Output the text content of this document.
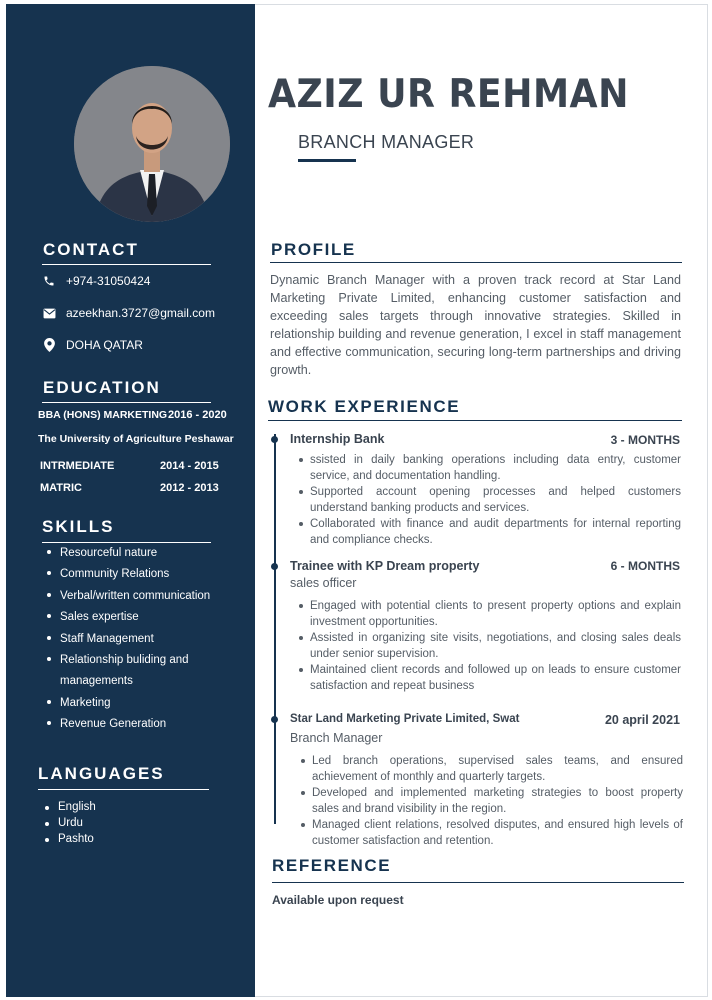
CONTACT
+974-31050424
azeekhan.3727@gmail.com
DOHA QATAR
EDUCATION
BBA (HONS) MARKETING 2016 - 2020
The University of Agriculture Peshawar
INTRMEDIATE	2014 - 2015
MATRIC	2012 - 2013
SKILLS
Resourceful nature
Community Relations
Verbal/written communication
Sales expertise
Staff Management
Relationship buliding and managements
Marketing
Revenue Generation
LANGUAGES
English
Urdu
Pashto
AZIZ UR REHMAN
BRANCH MANAGER
PROFILE
Dynamic Branch Manager with a proven track record at Star Land Marketing Private Limited, enhancing customer satisfaction and exceeding sales targets through innovative strategies. Skilled in relationship building and revenue generation, I excel in staff management and effective communication, securing long-term partnerships and driving growth.
WORK EXPERIENCE
Internship Bank	3 - MONTHS
ssisted in daily banking operations including data entry, customer service, and documentation handling.
Supported account opening processes and helped customers understand banking products and services.
Collaborated with finance and audit departments for internal reporting and compliance checks.
Trainee with KP Dream property	6 - MONTHS
sales officer
Engaged with potential clients to present property options and explain investment opportunities.
Assisted in organizing site visits, negotiations, and closing sales deals under senior supervision.
Maintained client records and followed up on leads to ensure customer satisfaction and repeat business
Star Land Marketing Private Limited, Swat	20 april 2021
Branch Manager
Led branch operations, supervised sales teams, and ensured achievement of monthly and quarterly targets.
Developed and implemented marketing strategies to boost property sales and brand visibility in the region.
Managed client relations, resolved disputes, and ensured high levels of customer satisfaction and retention.
REFERENCE
Available upon request
